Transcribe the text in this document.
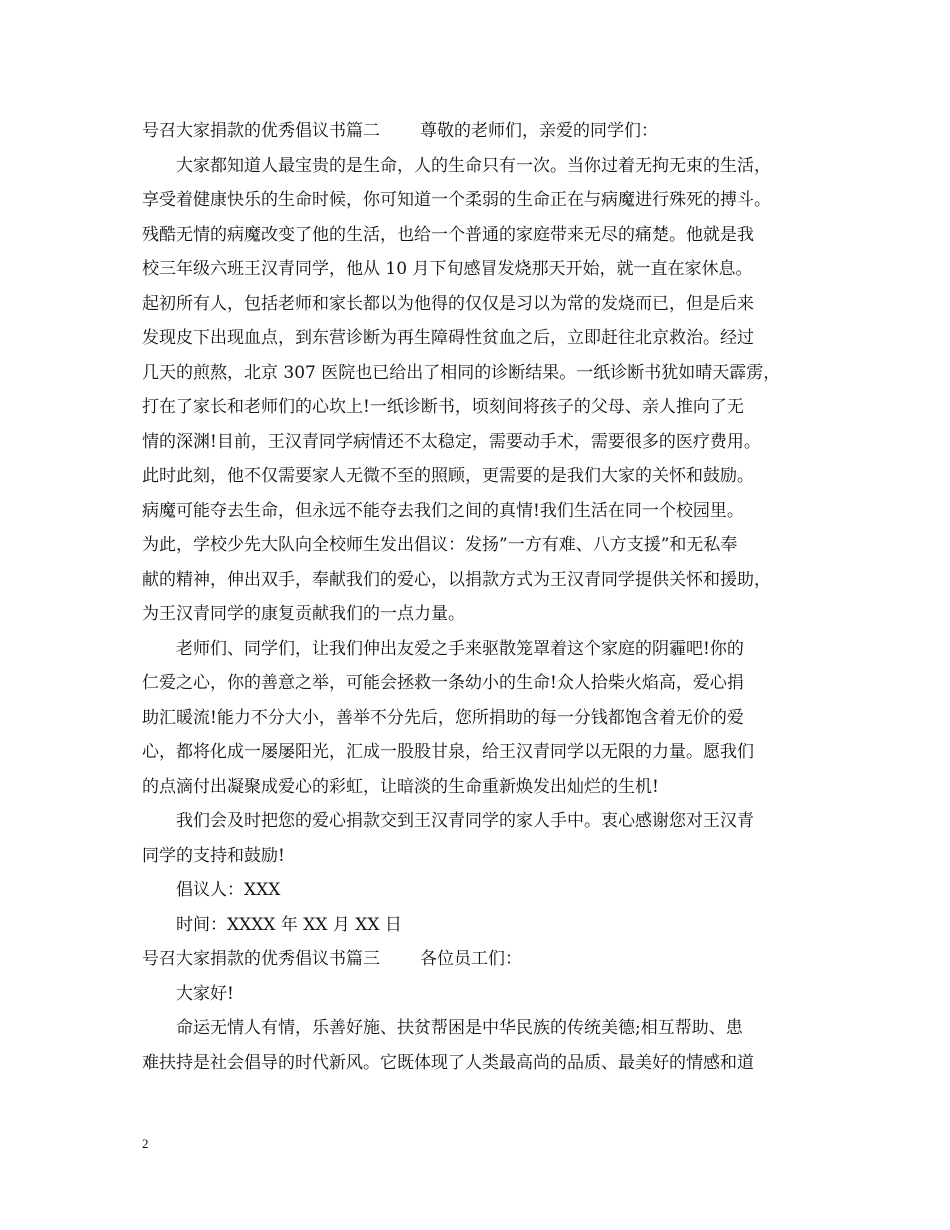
号召大家捐款的优秀倡议书篇二 尊敬的老师们，亲爱的同学们：
大家都知道人最宝贵的是生命，人的生命只有一次。当你过着无拘无束的生活，
享受着健康快乐的生命时候，你可知道一个柔弱的生命正在与病魔进行殊死的搏斗。
残酷无情的病魔改变了他的生活，也给一个普通的家庭带来无尽的痛楚。他就是我
校三年级六班王汉青同学，他从 10 月下旬感冒发烧那天开始，就一直在家休息。
起初所有人，包括老师和家长都以为他得的仅仅是习以为常的发烧而已，但是后来
发现皮下出现血点，到东营诊断为再生障碍性贫血之后，立即赶往北京救治。经过
几天的煎熬，北京 307 医院也已给出了相同的诊断结果。一纸诊断书犹如晴天霹雳，
打在了家长和老师们的心坎上!一纸诊断书，顷刻间将孩子的父母、亲人推向了无
情的深渊!目前，王汉青同学病情还不太稳定，需要动手术，需要很多的医疗费用。
此时此刻，他不仅需要家人无微不至的照顾，更需要的是我们大家的关怀和鼓励。
病魔可能夺去生命，但永远不能夺去我们之间的真情!我们生活在同一个校园里。
为此，学校少先大队向全校师生发出倡议：发扬”一方有难、八方支援”和无私奉
献的精神，伸出双手，奉献我们的爱心，以捐款方式为王汉青同学提供关怀和援助，
为王汉青同学的康复贡献我们的一点力量。
老师们、同学们，让我们伸出友爱之手来驱散笼罩着这个家庭的阴霾吧!你的
仁爱之心，你的善意之举，可能会拯救一条幼小的生命!众人拾柴火焰高，爱心捐
助汇暖流!能力不分大小，善举不分先后，您所捐助的每一分钱都饱含着无价的爱
心，都将化成一屡屡阳光，汇成一股股甘泉，给王汉青同学以无限的力量。愿我们
的点滴付出凝聚成爱心的彩虹，让暗淡的生命重新焕发出灿烂的生机!
我们会及时把您的爱心捐款交到王汉青同学的家人手中。衷心感谢您对王汉青
同学的支持和鼓励!
倡议人：XXX
时间：XXXX 年 XX 月 XX 日
号召大家捐款的优秀倡议书篇三 各位员工们：
大家好!
命运无情人有情，乐善好施、扶贫帮困是中华民族的传统美德;相互帮助、患
难扶持是社会倡导的时代新风。它既体现了人类最高尚的品质、最美好的情感和道
2
